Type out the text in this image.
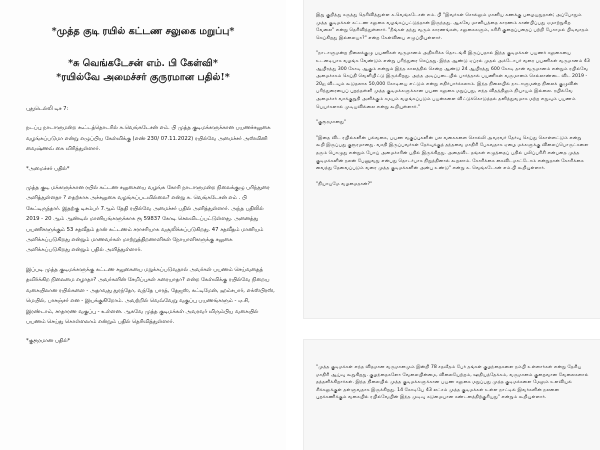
*முத்த குடி ரயில் கட்டண சலுகை மறுப்பு*

*சு வெங்கடேசன் எம். பி கேள்வி*

*ரயில்வே அமைச்சர் குருரமான பதில்!*

புதுடெல்லி டிச 7:

நடப்பு நாடாளுமன்ற கூட்டத்தொடரில் சு.வெங்கடேசன் எம். பி முத்த குடிமக்களுக்கான பயணச்சலுகை வழங்கப்படுமா என்று எழுப்பிய கேள்விக்கு (எண் 230/ 07.11.2022) ரயில்வே அமைச்சர் அஸ்வினி வைஷ்ணவ் கை விரித்துள்ளார்.

*அமைச்சர் பதில்*

முத்த குடி மக்களுக்கான ரயில் கட்டண சலுகையை வழங்க கோரி நாடாளுமன்ற நிலைக்குழு பரிந்துரை அளித்துள்ளதா ? எதற்காக அச்சலுகை வழங்கப்படவில்லை? என்று சு. வெங்கடேசன் எம் . பி கேட்டிருந்தார். இதற்கு டிசம்பர் 7ஆம் தேதி ரயில்வே அமைச்சர் பதில் அளித்துள்ளார். அந்த பதிலில் 2019 - 20 ஆம் ஆண்டில் மானியங்களுக்காக ரூ 59837 கோடி செலவிடப்பட்டுள்ளது. அனைத்து பயணிகளுக்கும் 53 சதவீதம் தான் கட்டணம் சராசரியாக வசூலிக்கப்படுகிறது. 47 சதவீதம் மானியம் அளிக்கப்படுகிறது என்றும் மாணவர்கள் மாற்றுத்திறனாளிகள் நோயாளிகளுக்கு சலுகை அளிக்கப்படுகிறது என்றும் பதில் அளித்துள்ளார்.

இப்படி முத்த குடிமக்களுக்கு கட்டண சலுகையை மறுக்கப்படுவதால் அவர்கள் பயணம் செய்வதைத் தவிர்க்கிற நிலைமை எழாதா? அவர்களின் சேமிப்புகள் கரையாதா? என்ற கேள்விக்கு ரயில்வே நிறைய வகையிலான ரயில்களை - அதாவது துரந்தோ, வந்தே பாரத், தேஜஸ், கட்டிமேன், ஹம்சபார், எக்ஸ்பிரஸ், மெயில், பாசஞ்சர் என - இயக்குகிறோம். அவற்றில் வெவ்வேறு வகுப்பு பயணங்களும் - ஏ.சி, இரண்டாம், சாதாரண வகுப்பு - உள்ளன. ஆகவே முத்த குடிமக்கள் அவரவர் விரும்பிய வகையில் பயணம் செய்து கொள்ளலாம் என்றும் பதில் தெரிவித்துள்ளார்.

*குரூரமான பதில்*

இது குறித்து கருத்து தெரிவித்துள்ள சு.வெங்கடேசன் எம். பி "இவர்கள் சொல்லும் மானிய கணக்கு பழையதுதான்; அப்போதும் முத்த குடிமக்கள் கட்டண சலுகை வழங்கப்பட்டுத்தான் இருந்தது. ஆகவே மானியத்தை காரணம் காண்பிப்பது ஏமாற்றுகிற வேலை" என்று தெரிவித்துள்ளார். "நீங்கள் தந்து வரும் காரணங்கள், சலுகைகளும், கரிசி குறைப்பதைப் பற்றி பேசாமல் பிடிவாதம் செய்கிறது இல்லையா?" என்ற கேள்வியை எழுப்பியுள்ளார்.

"நாடாளுமன்ற நிலைக்குழு பயணிகள் வருமானம் அதிகரிக்க தொடங்கி இருப்பதால் இந்த குடிமக்கள் பயணச் சலுகையை உடனடியாக வழங்க வேண்டும் என்று பரிந்துரை செய்தது. இந்த ஆண்டு ஏப்ரல் முதல் அக்டோபர் வரை பயணிகள் வருமானம் 43 ஆயிரத்து 300 கோடி ஆகும் என்றும் இந்த காலத்தில் சென்ற ஆண்டு 24 ஆயிரத்து 600 கோடி தான் வருமானம் என்றும் ரயில்வே அமைச்சகம் செய்தி வெளியிட்டு இருக்கிறது. அந்த அடிப்படையில் பார்த்தால் பயணிகள் வருமானம் செல்லாண்டை விட 2019 - 20ஐ விடவும் கூடுதலாக 50,000 கோடியை எட்டும் என்று எதிர்பார்க்கலாம். இந்த நிலையில் நாடாளுமன்ற நிலைக் குழுவின் பரிந்துரையைப் புறந்தள்ளி முத்த குடிமக்களுக்கான பயண சலுகை மறுப்பது, எந்த விதத்திலும் நியாயம் இல்லை. ரயில்வே அமைச்சர் வாக்குறுதி அளிக்கும் சமயம் வழங்கப்படும் பயன்களை விட்டுக்கொடுத்தல் தனித்துவமாக மற்ற எதுவும் பயணம் பெயர்களால் முடியவில்லை என்று கூறியுள்ளார்."

"குரூரமானது"

"இதை விட ரயில்களின் பல்வகை, பயண வகுப்புகளின் பல வகைகளை சொல்லி அவரவர் தேர்வு செய்து கொள்ளட்டும் என்று கூறி இருப்பது குரூரமானது. வசதி இருப்பவர்கள் தேர்வுக்குத் தந்தவை மாதிரி பேசுவதாக ஏழை மக்களுக்கு விலைப்பொருட்களை தரும் பொழுது என்றும் போய் அமைச்சரின் பதில் இருக்கிறது. அதைவிட தங்கள் எழுத்தைப் பதில் பலிப்பரிசி என்பதை முத்த குடிமக்களின் நலன் பேணுவது என்பது தொடர்பாக நிறுத்தினால் கூறலாம். கோரிக்கை கைவிடமாட்டோம் என்றுதான் கோரிக்கை வைத்து தேவைப்படும் வரை முத்த குடிமக்களின் அன்பு உண்டு" என்று சு. வெங்கடேசன் எம்.பி கூறியுள்ளார்.

"நியாயமே வழமைதான்?"

"முத்த குடிமக்கள் எந்த விதமான வருமானமும் இன்றி 78 சதவீதம் பேர் தங்கள் குழந்தைகளை நம்பி உள்ளார்கள் என்று தேசிய மாதிரி ஆய்வு கூறுகிறது. குழந்தைகளோ வேலையின்மை, விலையேற்றம், ஊதியத்தேக்கம், வருமானம் குறைவான வேலைகளால் தத்தளிக்கிறார்கள். இந்த நிலையில் முத்த குடிமக்களுக்கான பயண சலுகை மறுப்பது முத்த குடிமக்களை மேலும் உளவியல் சிக்கலுக்குள் தள்ளுவதாக இருக்கிறது. 14 கோடியே 43 லட்சம் முத்த குடிமக்கள் உள்ள நாட்டில் இவர்களின் நலனை புறக்கணிக்கும் வகையில் ரயில்வேயின் இந்த முடிவு கடுமையான கண்டனத்திற்குரியது" என்றும் கூறியுள்ளார்.
